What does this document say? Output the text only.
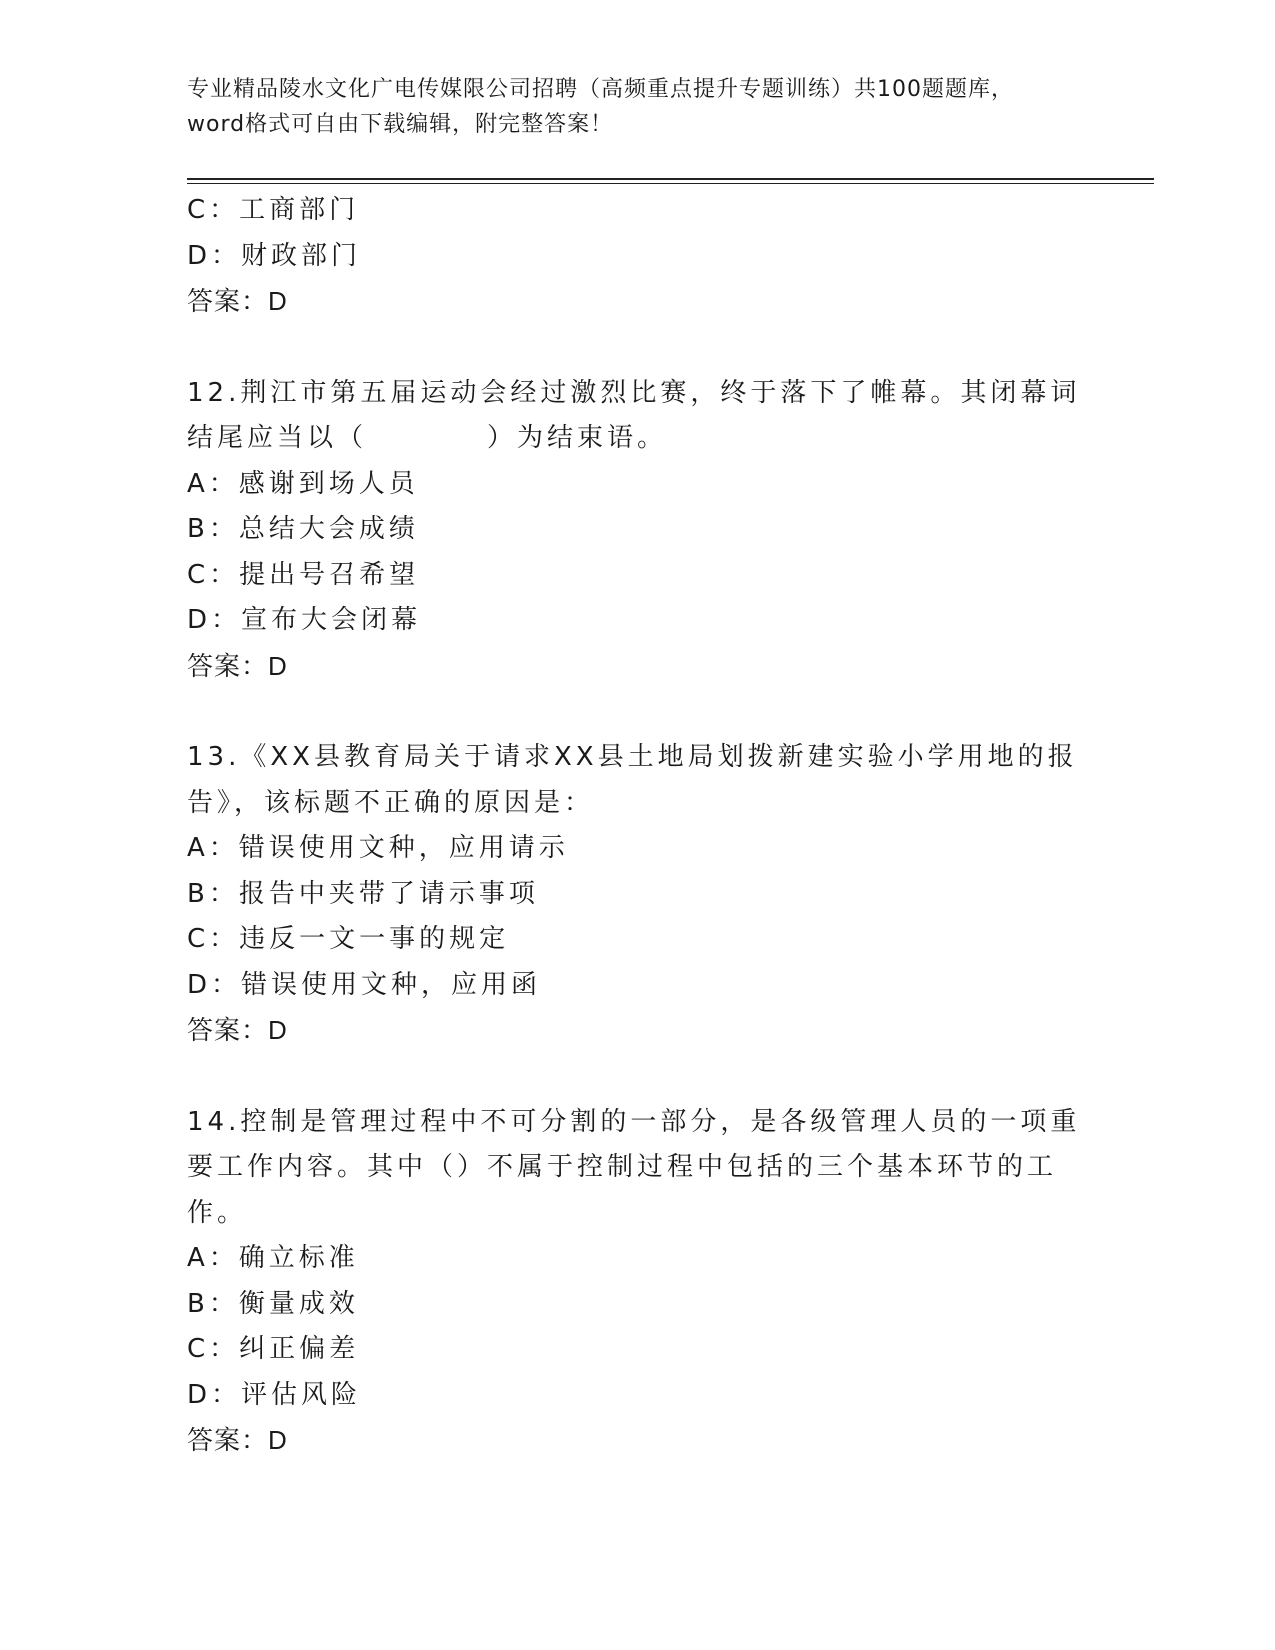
专业精品陵水文化广电传媒限公司招聘（高频重点提升专题训练）共100题题库，word格式可自由下载编辑，附完整答案！
C：工商部门
D：财政部门
答案：D
12.荆江市第五届运动会经过激烈比赛，终于落下了帷幕。其闭幕词结尾应当以（　　　　）为结束语。
A：感谢到场人员
B：总结大会成绩
C：提出号召希望
D：宣布大会闭幕
答案：D
13.《XX县教育局关于请求XX县土地局划拨新建实验小学用地的报告》，该标题不正确的原因是：
A：错误使用文种，应用请示
B：报告中夹带了请示事项
C：违反一文一事的规定
D：错误使用文种，应用函
答案：D
14.控制是管理过程中不可分割的一部分，是各级管理人员的一项重要工作内容。其中（）不属于控制过程中包括的三个基本环节的工作。
A：确立标准
B：衡量成效
C：纠正偏差
D：评估风险
答案：D
